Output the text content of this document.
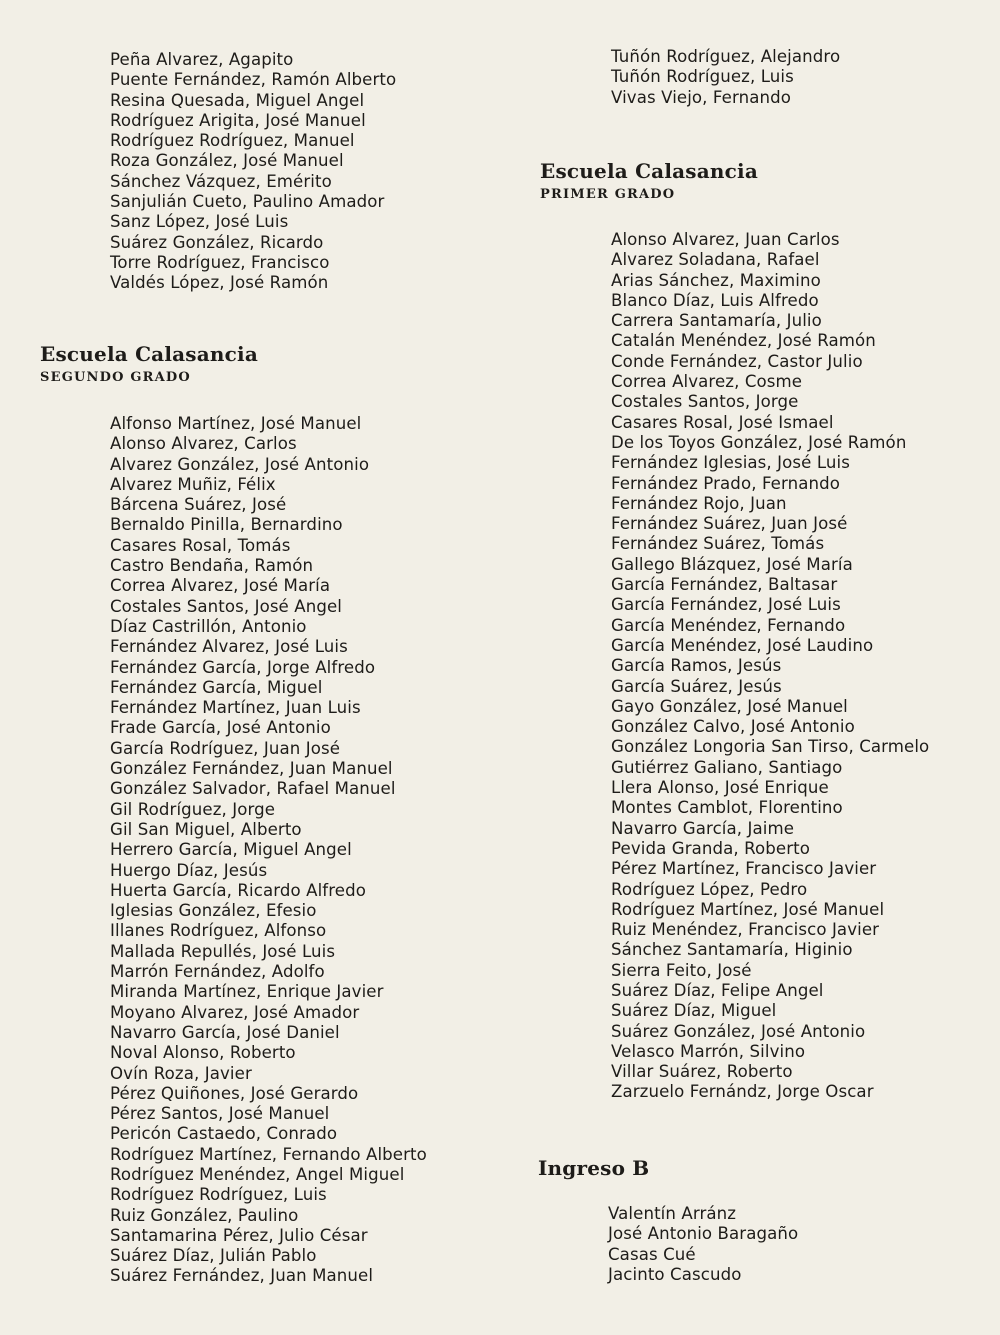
Peña Alvarez, Agapito
Puente Fernández, Ramón Alberto
Resina Quesada, Miguel Angel
Rodríguez Arigita, José Manuel
Rodríguez Rodríguez, Manuel
Roza González, José Manuel
Sánchez Vázquez, Emérito
Sanjulián Cueto, Paulino Amador
Sanz López, José Luis
Suárez González, Ricardo
Torre Rodríguez, Francisco
Valdés López, José Ramón
Escuela Calasancia
SEGUNDO GRADO
Alfonso Martínez, José Manuel
Alonso Alvarez, Carlos
Alvarez González, José Antonio
Alvarez Muñiz, Félix
Bárcena Suárez, José
Bernaldo Pinilla, Bernardino
Casares Rosal, Tomás
Castro Bendaña, Ramón
Correa Alvarez, José María
Costales Santos, José Angel
Díaz Castrillón, Antonio
Fernández Alvarez, José Luis
Fernández García, Jorge Alfredo
Fernández García, Miguel
Fernández Martínez, Juan Luis
Frade García, José Antonio
García Rodríguez, Juan José
González Fernández, Juan Manuel
González Salvador, Rafael Manuel
Gil Rodríguez, Jorge
Gil San Miguel, Alberto
Herrero García, Miguel Angel
Huergo Díaz, Jesús
Huerta García, Ricardo Alfredo
Iglesias González, Efesio
Illanes Rodríguez, Alfonso
Mallada Repullés, José Luis
Marrón Fernández, Adolfo
Miranda Martínez, Enrique Javier
Moyano Alvarez, José Amador
Navarro García, José Daniel
Noval Alonso, Roberto
Ovín Roza, Javier
Pérez Quiñones, José Gerardo
Pérez Santos, José Manuel
Pericón Castaedo, Conrado
Rodríguez Martínez, Fernando Alberto
Rodríguez Menéndez, Angel Miguel
Rodríguez Rodríguez, Luis
Ruiz González, Paulino
Santamarina Pérez, Julio César
Suárez Díaz, Julián Pablo
Suárez Fernández, Juan Manuel
Tuñón Rodríguez, Alejandro
Tuñón Rodríguez, Luis
Vivas Viejo, Fernando
Escuela Calasancia
PRIMER GRADO
Alonso Alvarez, Juan Carlos
Alvarez Soladana, Rafael
Arias Sánchez, Maximino
Blanco Díaz, Luis Alfredo
Carrera Santamaría, Julio
Catalán Menéndez, José Ramón
Conde Fernández, Castor Julio
Correa Alvarez, Cosme
Costales Santos, Jorge
Casares Rosal, José Ismael
De los Toyos González, José Ramón
Fernández Iglesias, José Luis
Fernández Prado, Fernando
Fernández Rojo, Juan
Fernández Suárez, Juan José
Fernández Suárez, Tomás
Gallego Blázquez, José María
García Fernández, Baltasar
García Fernández, José Luis
García Menéndez, Fernando
García Menéndez, José Laudino
García Ramos, Jesús
García Suárez, Jesús
Gayo González, José Manuel
González Calvo, José Antonio
González Longoria San Tirso, Carmelo
Gutiérrez Galiano, Santiago
Llera Alonso, José Enrique
Montes Camblot, Florentino
Navarro García, Jaime
Pevida Granda, Roberto
Pérez Martínez, Francisco Javier
Rodríguez López, Pedro
Rodríguez Martínez, José Manuel
Ruiz Menéndez, Francisco Javier
Sánchez Santamaría, Higinio
Sierra Feito, José
Suárez Díaz, Felipe Angel
Suárez Díaz, Miguel
Suárez González, José Antonio
Velasco Marrón, Silvino
Villar Suárez, Roberto
Zarzuelo Fernándz, Jorge Oscar
Ingreso B
Valentín Arránz
José Antonio Baragaño
Casas Cué
Jacinto Cascudo
